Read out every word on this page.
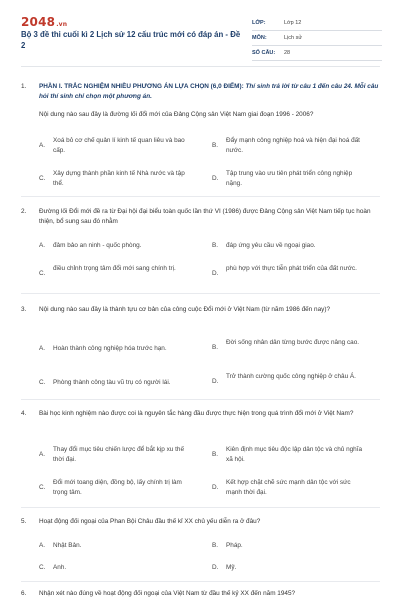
2048.vn
Bộ 3 đề thi cuối kì 2 Lịch sử 12 cấu trúc mới có đáp án - Đề 2
LỚP:	Lớp 12
MÔN:	Lịch sử
SỐ CÂU:	28
1. PHẦN I. TRẮC NGHIỆM NHIỀU PHƯƠNG ÁN LỰA CHỌN (6,0 ĐIỂM): Thí sinh trả lời từ câu 1 đến câu 24. Mỗi câu hỏi thí sinh chỉ chọn một phương án.
Nội dung nào sau đây là đường lối đổi mới của Đảng Cộng sản Việt Nam giai đoạn 1996 - 2006?
A.
Xoá bỏ cơ chế quản lí kinh tế quan liêu và bao cấp.
B.
Đẩy mạnh công nghiệp hoá và hiện đại hoá đất nước.
C.
Xây dựng thành phần kinh tế Nhà nước và tập thể.
D.
Tập trung vào ưu tiên phát triển công nghiệp nặng.
2. Đường lối Đổi mới đề ra từ Đại hội đại biểu toàn quốc lần thứ VI (1986) được Đảng Cộng sản Việt Nam tiếp tục hoàn thiện, bổ sung sau đó nhằm
A. đảm bảo an ninh - quốc phòng.	B. đáp ứng yêu cầu về ngoại giao.
C.
điều chỉnh trọng tâm đổi mới sang chính trị.
D.
phù hợp với thực tiễn phát triển của đất nước.
3. Nội dung nào sau đây là thành tựu cơ bản của công cuộc Đổi mới ở Việt Nam (từ năm 1986 đến nay)?
A. Hoàn thành công nghiệp hóa trước hạn.	B.
Đời sống nhân dân từng bước được nâng cao.
C. Phòng thành công tàu vũ trụ có người lái.	D.
Trở thành cường quốc công nghiệp ở châu Á.
4. Bài học kinh nghiệm nào được coi là nguyên tắc hàng đầu được thực hiện trong quá trình đổi mới ở Việt Nam?
A.
Thay đổi mục tiêu chiến lược để bắt kịp xu thế thời đại.
B.
Kiên định mục tiêu độc lập dân tộc và chủ nghĩa xã hội.
C.
Đổi mới toang diện, đồng bộ, lấy chính trị làm trọng tâm.
D.
Kết hợp chặt chẽ sức mạnh dân tộc với sức mạnh thời đại.
5. Hoạt động đối ngoại của Phan Bội Châu đầu thế kỉ XX chủ yếu diễn ra ở đâu?
A. Nhật Bản.	B. Pháp.
C. Anh.	D. Mỹ.
6. Nhận xét nào đúng về hoạt động đối ngoại của Việt Nam từ đầu thế kỷ XX đến năm 1945?
